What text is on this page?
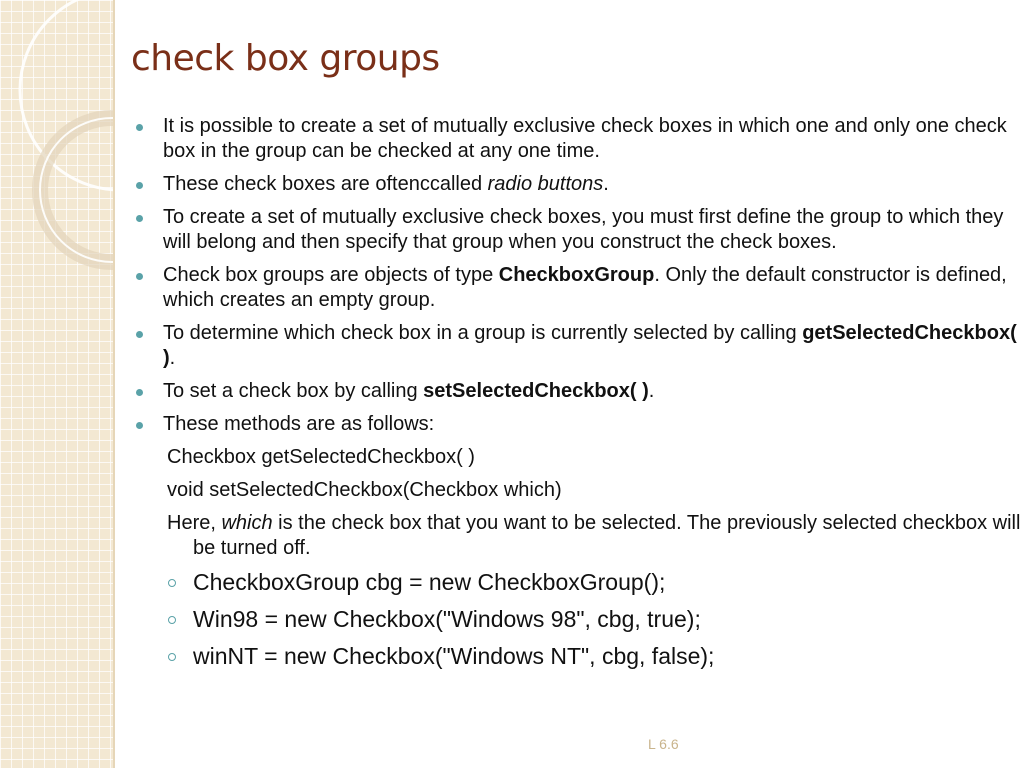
check box groups
It is possible to create a set of mutually exclusive check boxes in which one and only one check box in the group can be checked at any one time.
These check boxes are oftenccalled radio buttons.
To create a set of mutually exclusive check boxes, you must first define the group to which they will belong and then specify that group when you construct the check boxes.
Check box groups are objects of type CheckboxGroup. Only the default constructor is defined, which creates an empty group.
To determine which check box in a group is currently selected by calling getSelectedCheckbox( ).
To set a check box by calling setSelectedCheckbox( ).
These methods are as follows:
Checkbox getSelectedCheckbox( )
void setSelectedCheckbox(Checkbox which)
Here, which is the check box that you want to be selected. The previously selected checkbox will be turned off.
CheckboxGroup cbg = new CheckboxGroup();
Win98 = new Checkbox("Windows 98", cbg, true);
winNT = new Checkbox("Windows NT", cbg, false);
L 6.6
